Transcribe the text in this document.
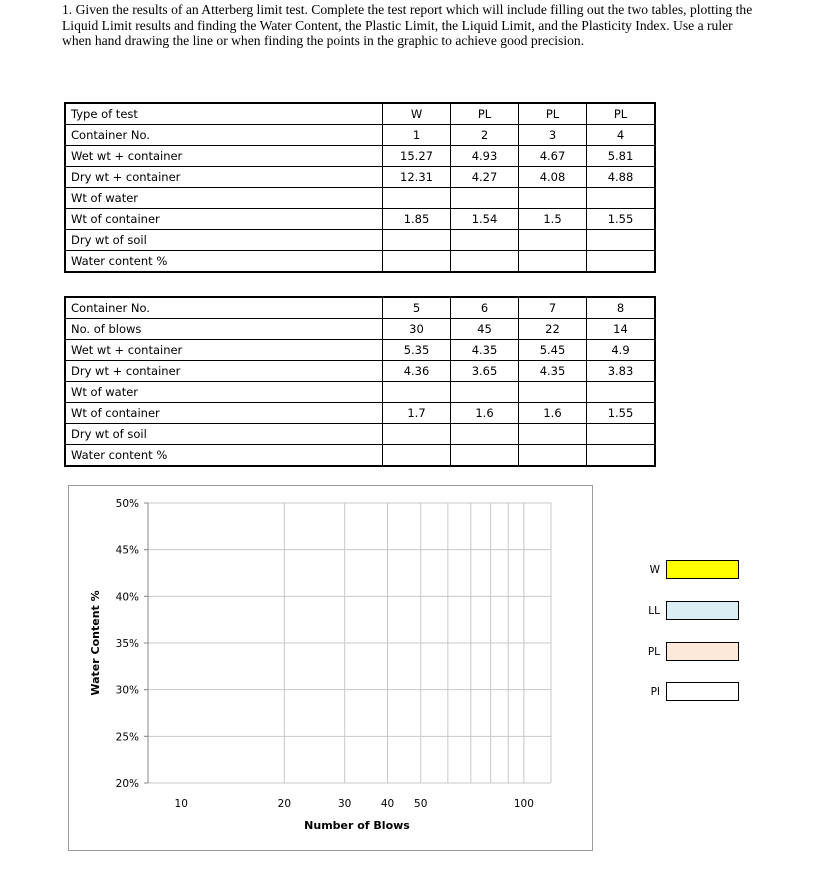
1. Given the results of an Atterberg limit test. Complete the test report which will include filling out the two tables, plotting the Liquid Limit results and finding the Water Content, the Plastic Limit, the Liquid Limit, and the Plasticity Index. Use a ruler when hand drawing the line or when finding the points in the graphic to achieve good precision.

Type of test	W	PL	PL	PL
Container No.	1	2	3	4
Wet wt + container	15.27	4.93	4.67	5.81
Dry wt + container	12.31	4.27	4.08	4.88
Wt of water				
Wt of container	1.85	1.54	1.5	1.55
Dry wt of soil				
Water content %				
Container No.	5	6	7	8
No. of blows	30	45	22	14
Wet wt + container	5.35	4.35	5.45	4.9
Dry wt + container	4.36	3.65	4.35	3.83
Wt of water				
Wt of container	1.7	1.6	1.6	1.55
Dry wt of soil				
Water content %				
20%
25%
30%
35%
40%
45%
50%
10	20	30	40 50	100
Number of Blows
Water Content %
W
LL
PL
PI
